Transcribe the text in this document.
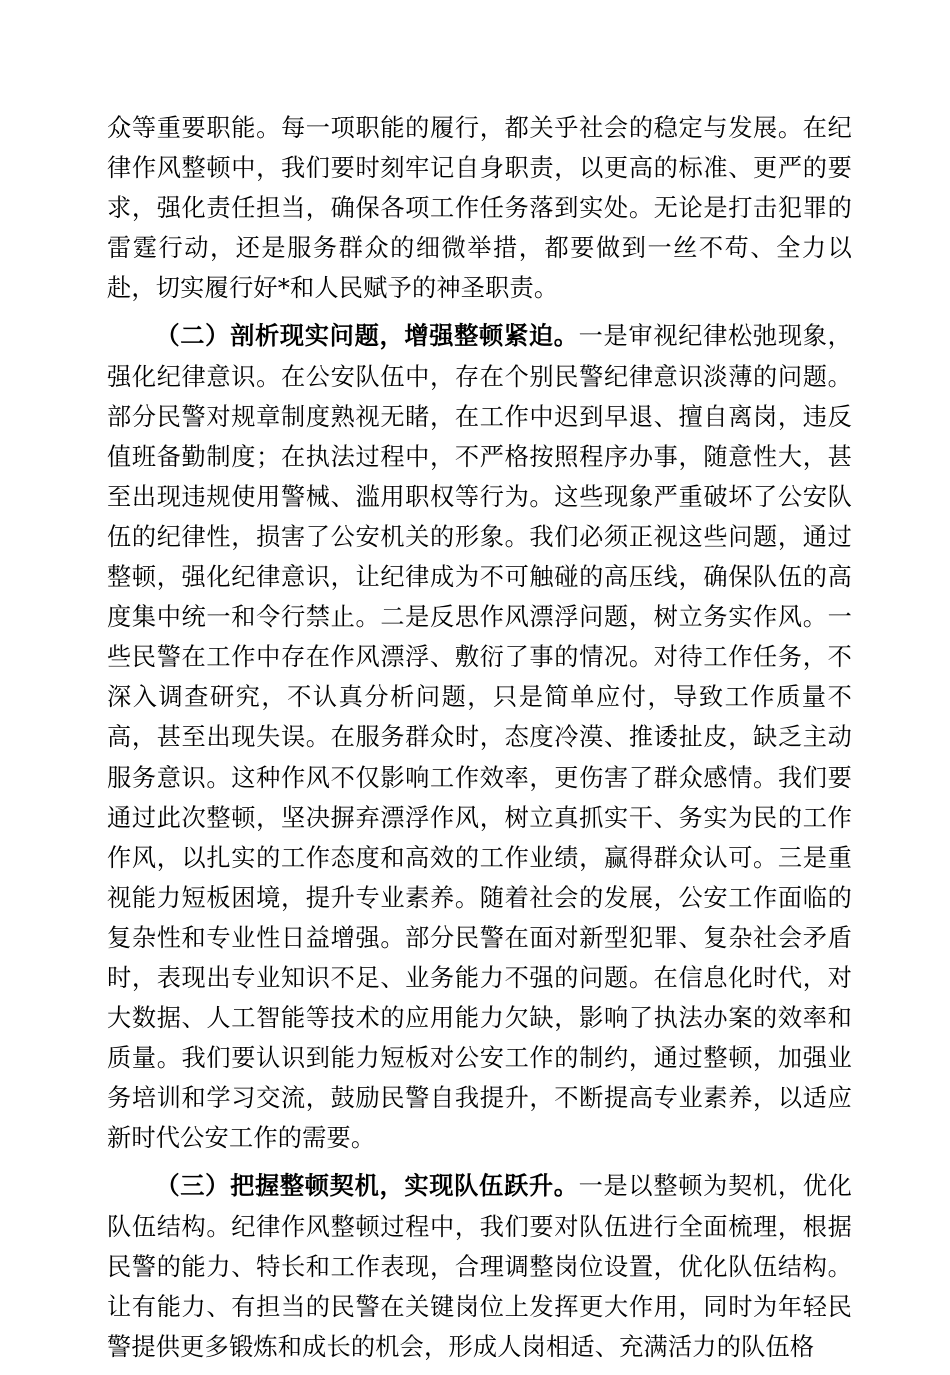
众等重要职能。每一项职能的履行，都关乎社会的稳定与发展。在纪律作风整顿中，我们要时刻牢记自身职责，以更高的标准、更严的要求，强化责任担当，确保各项工作任务落到实处。无论是打击犯罪的雷霆行动，还是服务群众的细微举措，都要做到一丝不苟、全力以赴，切实履行好*和人民赋予的神圣职责。

（二）剖析现实问题，增强整顿紧迫。一是审视纪律松弛现象，强化纪律意识。在公安队伍中，存在个别民警纪律意识淡薄的问题。部分民警对规章制度熟视无睹，在工作中迟到早退、擅自离岗，违反值班备勤制度；在执法过程中，不严格按照程序办事，随意性大，甚至出现违规使用警械、滥用职权等行为。这些现象严重破坏了公安队伍的纪律性，损害了公安机关的形象。我们必须正视这些问题，通过整顿，强化纪律意识，让纪律成为不可触碰的高压线，确保队伍的高度集中统一和令行禁止。二是反思作风漂浮问题，树立务实作风。一些民警在工作中存在作风漂浮、敷衍了事的情况。对待工作任务，不深入调查研究，不认真分析问题，只是简单应付，导致工作质量不高，甚至出现失误。在服务群众时，态度冷漠、推诿扯皮，缺乏主动服务意识。这种作风不仅影响工作效率，更伤害了群众感情。我们要通过此次整顿，坚决摒弃漂浮作风，树立真抓实干、务实为民的工作作风，以扎实的工作态度和高效的工作业绩，赢得群众认可。三是重视能力短板困境，提升专业素养。随着社会的发展，公安工作面临的复杂性和专业性日益增强。部分民警在面对新型犯罪、复杂社会矛盾时，表现出专业知识不足、业务能力不强的问题。在信息化时代，对大数据、人工智能等技术的应用能力欠缺，影响了执法办案的效率和质量。我们要认识到能力短板对公安工作的制约，通过整顿，加强业务培训和学习交流，鼓励民警自我提升，不断提高专业素养，以适应新时代公安工作的需要。

（三）把握整顿契机，实现队伍跃升。一是以整顿为契机，优化队伍结构。纪律作风整顿过程中，我们要对队伍进行全面梳理，根据民警的能力、特长和工作表现，合理调整岗位设置，优化队伍结构。让有能力、有担当的民警在关键岗位上发挥更大作用，同时为年轻民警提供更多锻炼和成长的机会，形成人岗相适、充满活力的队伍格
